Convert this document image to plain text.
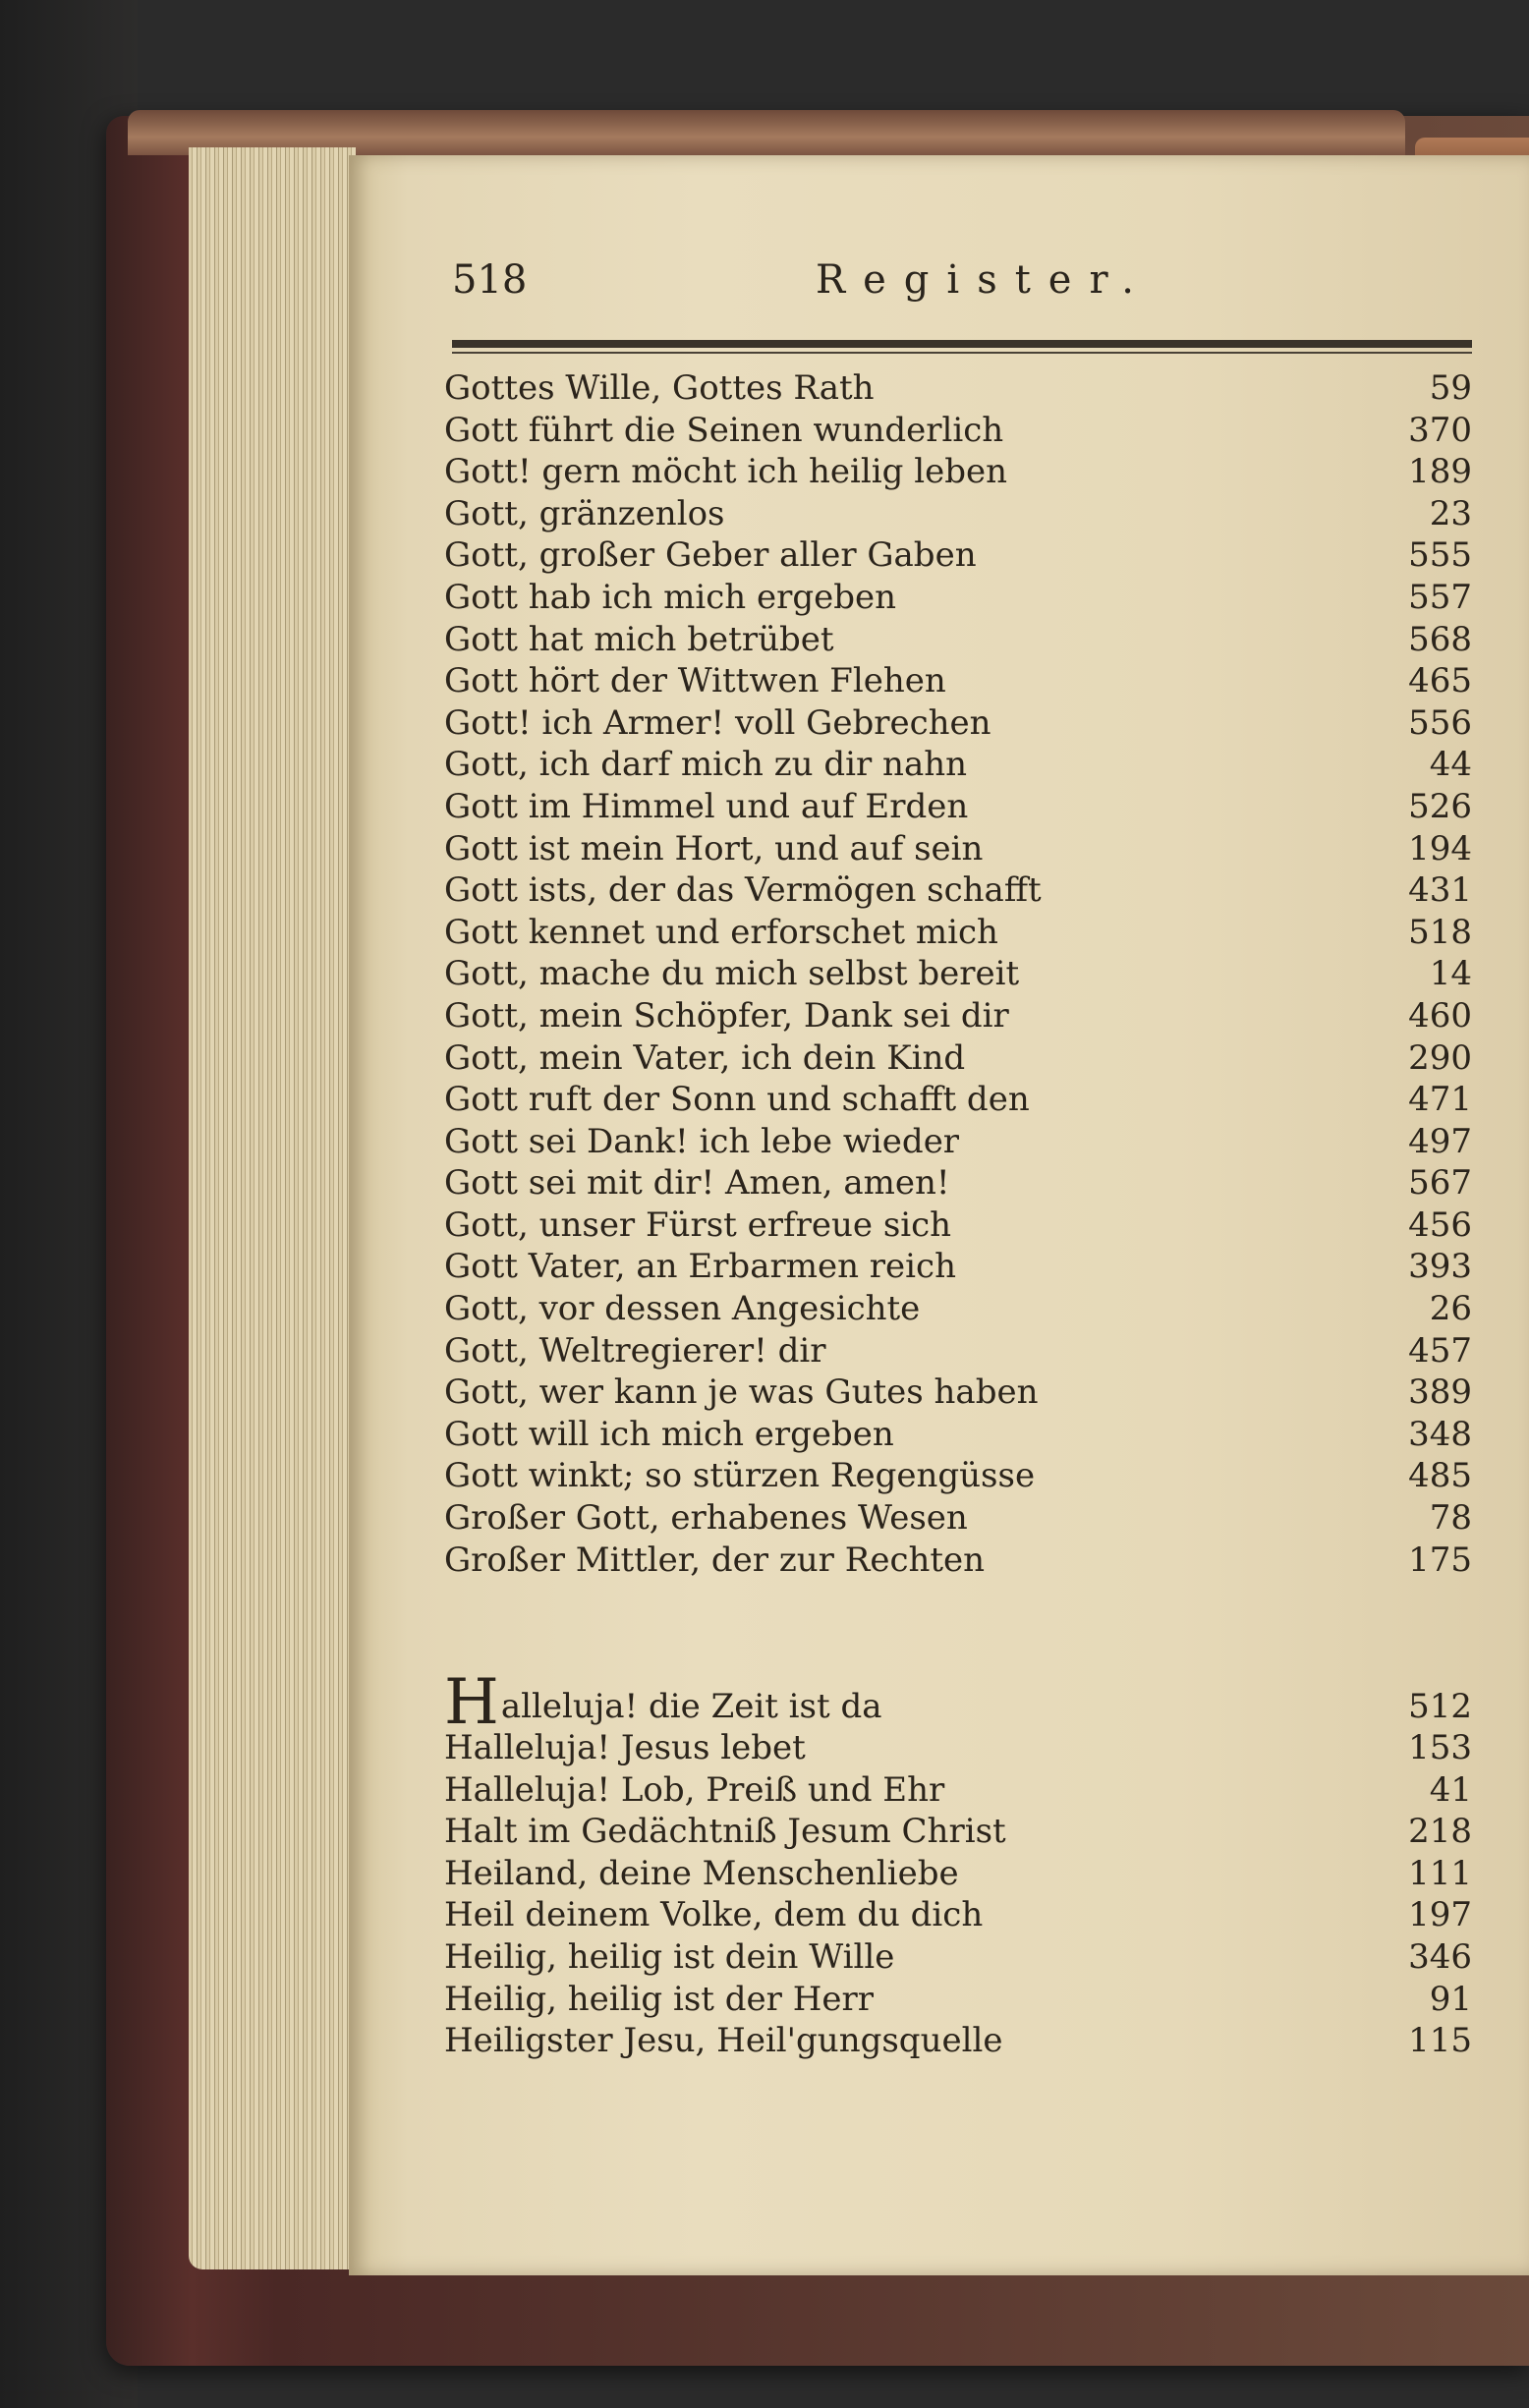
518	Register.
Gottes Wille, Gottes Rath	59
Gott führt die Seinen wunderlich	370
Gott! gern möcht ich heilig leben	189
Gott, gränzenlos	23
Gott, großer Geber aller Gaben	555
Gott hab ich mich ergeben	557
Gott hat mich betrübet	568
Gott hört der Wittwen Flehen	465
Gott! ich Armer! voll Gebrechen	556
Gott, ich darf mich zu dir nahn	44
Gott im Himmel und auf Erden	526
Gott ist mein Hort, und auf sein	194
Gott ists, der das Vermögen schafft	431
Gott kennet und erforschet mich	518
Gott, mache du mich selbst bereit	14
Gott, mein Schöpfer, Dank sei dir	460
Gott, mein Vater, ich dein Kind	290
Gott ruft der Sonn und schafft den	471
Gott sei Dank! ich lebe wieder	497
Gott sei mit dir! Amen, amen!	567
Gott, unser Fürst erfreue sich	456
Gott Vater, an Erbarmen reich	393
Gott, vor dessen Angesichte	26
Gott, Weltregierer! dir	457
Gott, wer kann je was Gutes haben	389
Gott will ich mich ergeben	348
Gott winkt; so stürzen Regengüsse	485
Großer Gott, erhabenes Wesen	78
Großer Mittler, der zur Rechten	175
Halleluja! die Zeit ist da	512
Halleluja! Jesus lebet	153
Halleluja! Lob, Preiß und Ehr	41
Halt im Gedächtniß Jesum Christ	218
Heiland, deine Menschenliebe	111
Heil deinem Volke, dem du dich	197
Heilig, heilig ist dein Wille	346
Heilig, heilig ist der Herr	91
Heiligster Jesu, Heil'gungsquelle	115
